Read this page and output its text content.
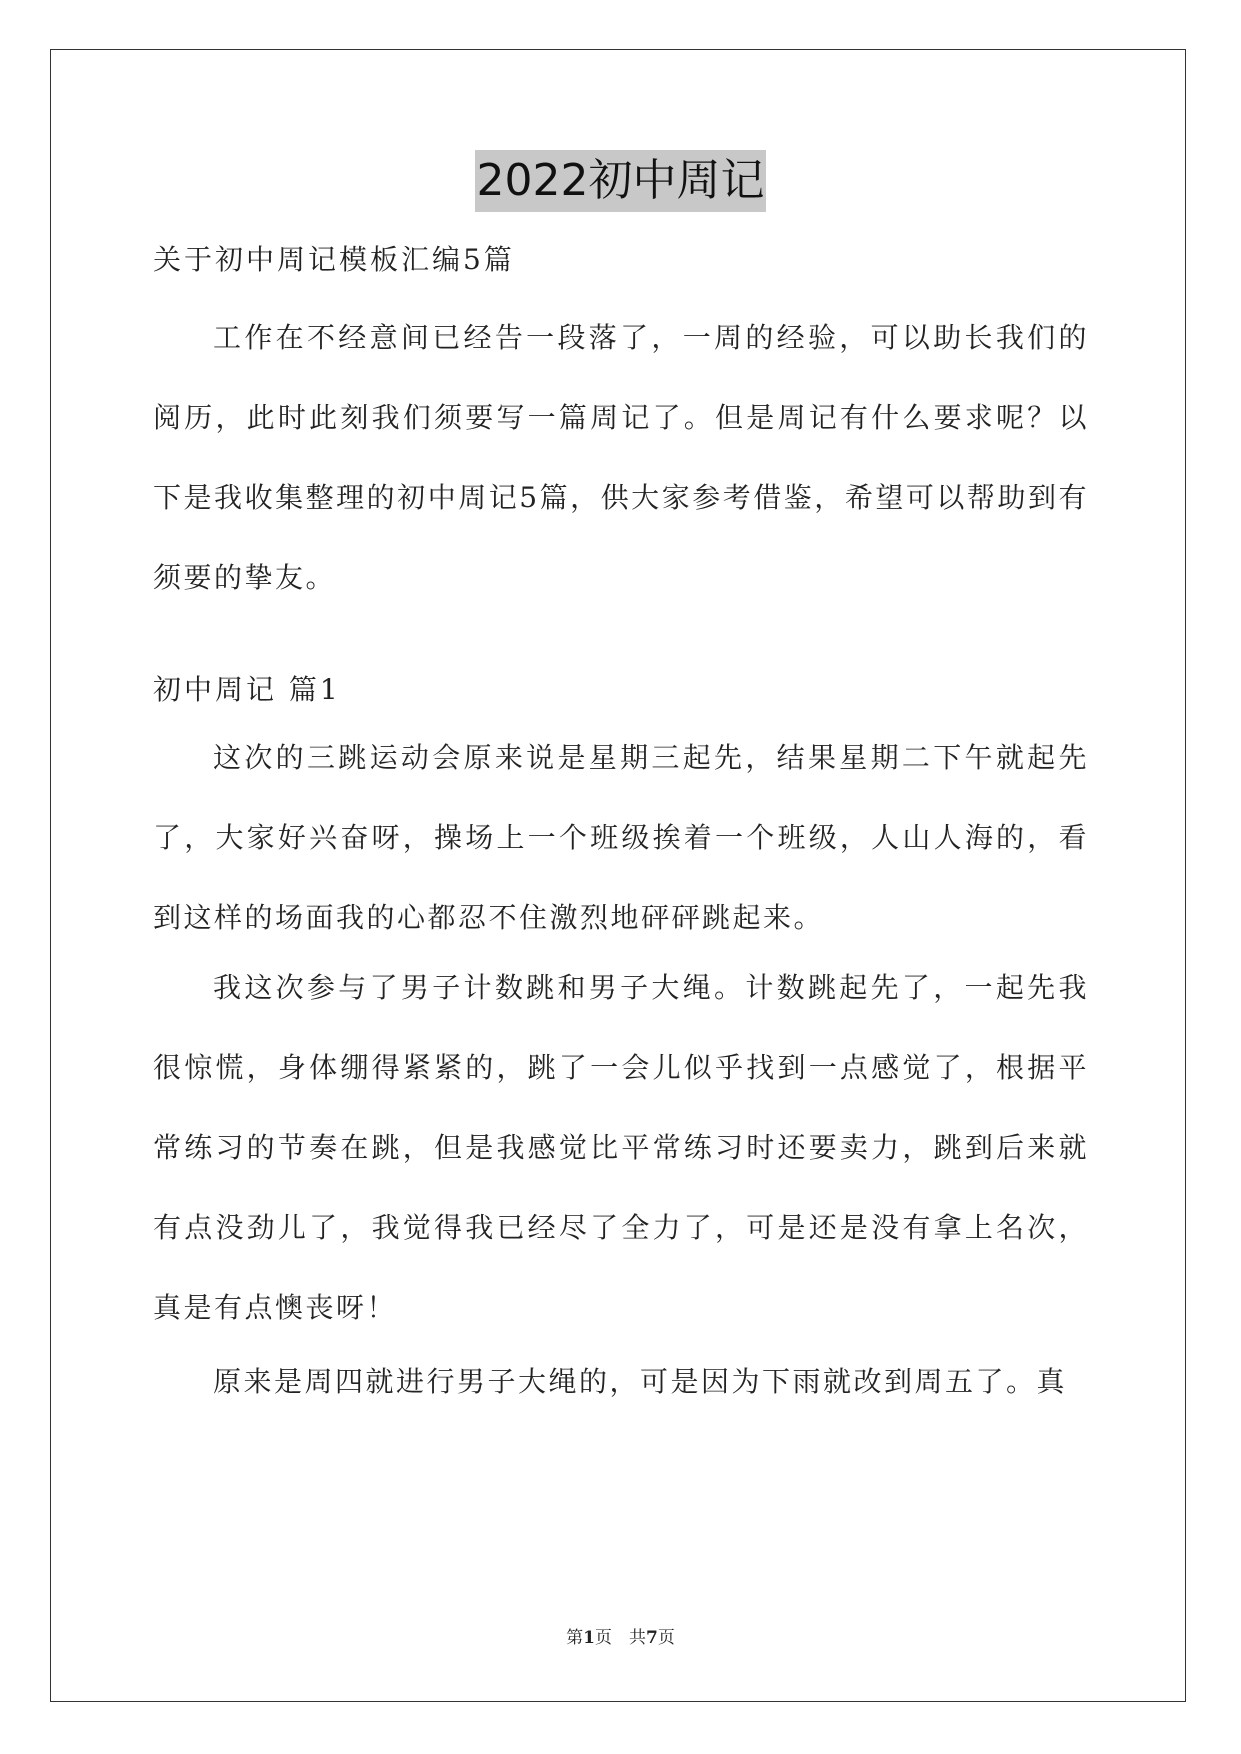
2022初中周记

关于初中周记模板汇编5篇

工作在不经意间已经告一段落了，一周的经验，可以助长我们的阅历，此时此刻我们须要写一篇周记了。但是周记有什么要求呢？以下是我收集整理的初中周记5篇，供大家参考借鉴，希望可以帮助到有须要的挚友。

初中周记 篇1

这次的三跳运动会原来说是星期三起先，结果星期二下午就起先了，大家好兴奋呀，操场上一个班级挨着一个班级，人山人海的，看到这样的场面我的心都忍不住激烈地砰砰跳起来。

我这次参与了男子计数跳和男子大绳。计数跳起先了，一起先我很惊慌，身体绷得紧紧的，跳了一会儿似乎找到一点感觉了，根据平常练习的节奏在跳，但是我感觉比平常练习时还要卖力，跳到后来就有点没劲儿了，我觉得我已经尽了全力了，可是还是没有拿上名次，真是有点懊丧呀！

原来是周四就进行男子大绳的，可是因为下雨就改到周五了。真

第1页　共7页
